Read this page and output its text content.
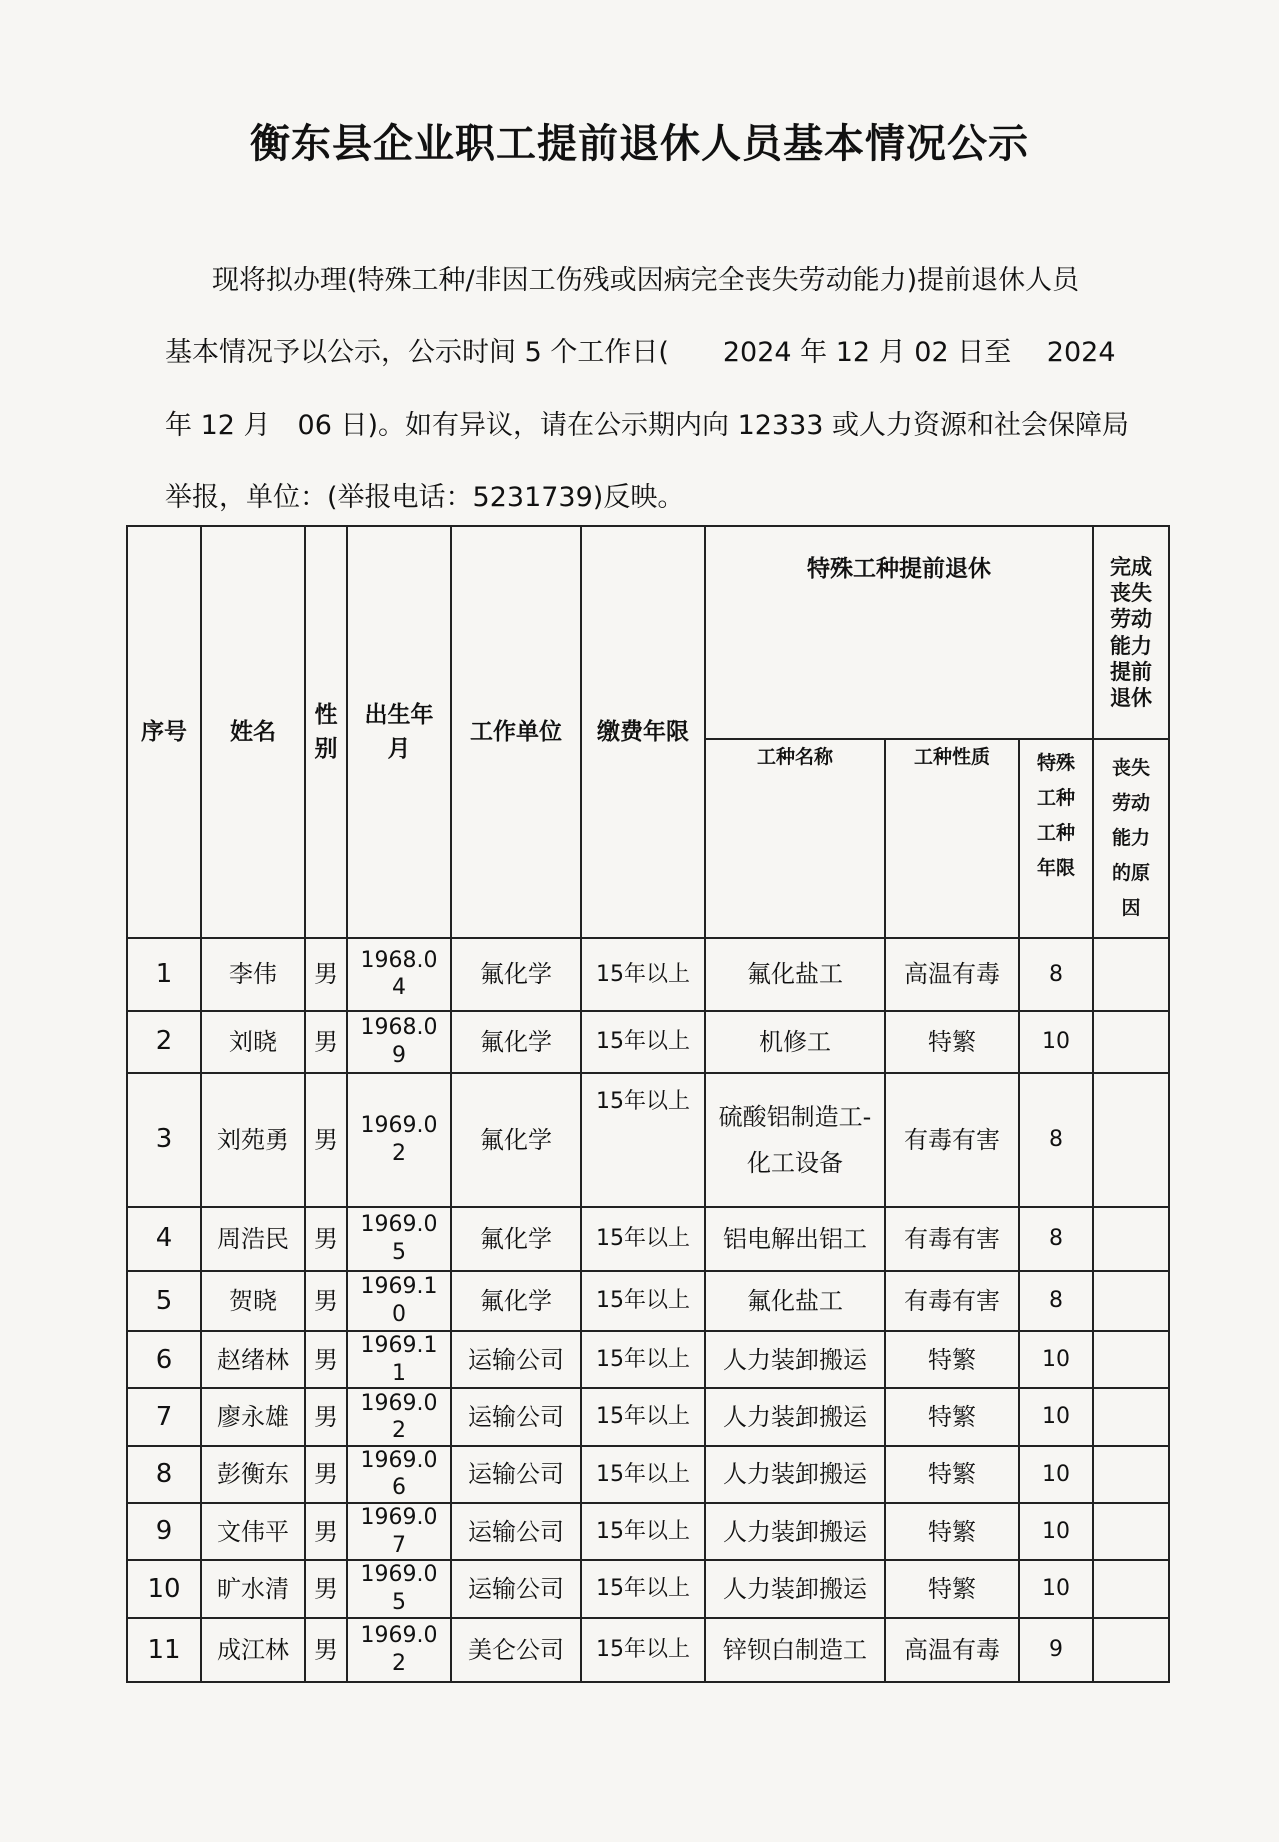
衡东县企业职工提前退休人员基本情况公示
现将拟办理(特殊工种/非因工伤残或因病完全丧失劳动能力)提前退休人员
基本情况予以公示，公示时间 5 个工作日(　　2024 年 12 月 02 日至　 2024
年 12 月　06 日)。如有异议，请在公示期内向 12333 或人力资源和社会保障局
举报，单位：(举报电话：5231739)反映。
序号	姓名	性别	出生年月	工作单位	缴费年限	特殊工种提前退休			完成丧失劳动能力提前退休
						工种名称	工种性质	特殊工种工种年限	丧失劳动能力的原因
1	李伟	男	1968.04	氟化学	15年以上	氟化盐工	高温有毒	8	
2	刘晓	男	1968.09	氟化学	15年以上	机修工	特繁	10	
3	刘苑勇	男	1969.02	氟化学	15年以上	硫酸铝制造工-化工设备	有毒有害	8	
4	周浩民	男	1969.05	氟化学	15年以上	铝电解出铝工	有毒有害	8	
5	贺晓	男	1969.10	氟化学	15年以上	氟化盐工	有毒有害	8	
6	赵绪林	男	1969.11	运输公司	15年以上	人力装卸搬运	特繁	10	
7	廖永雄	男	1969.02	运输公司	15年以上	人力装卸搬运	特繁	10	
8	彭衡东	男	1969.06	运输公司	15年以上	人力装卸搬运	特繁	10	
9	文伟平	男	1969.07	运输公司	15年以上	人力装卸搬运	特繁	10	
10	旷水清	男	1969.05	运输公司	15年以上	人力装卸搬运	特繁	10	
11	成江林	男	1969.02	美仑公司	15年以上	锌钡白制造工	高温有毒	9	
